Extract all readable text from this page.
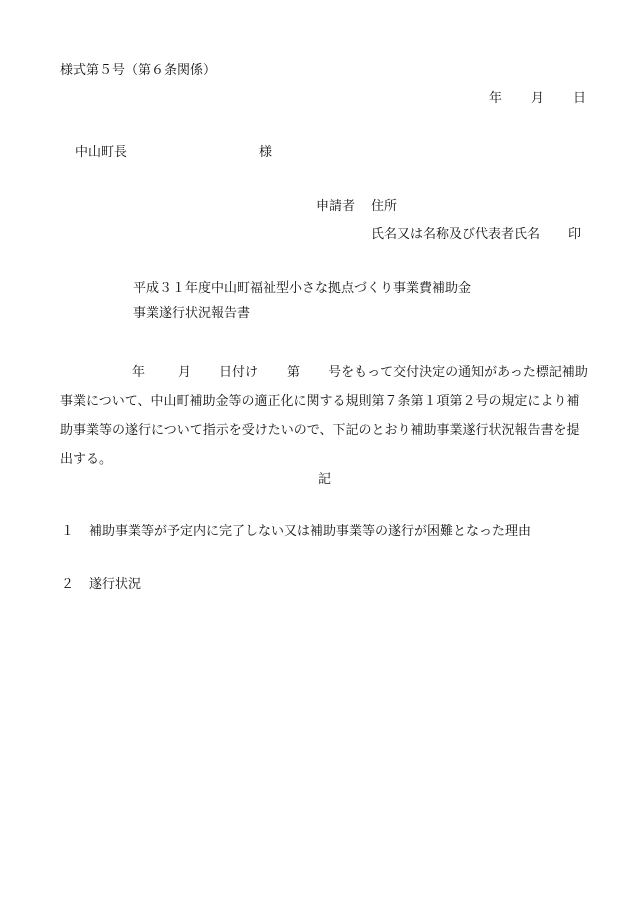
様式第５号（第６条関係）
年 月 日
中山町長	様
申請者 住所
氏名又は名称及び代表者氏名 印
平成３１年度中山町福祉型小さな拠点づくり事業費補助金
事業遂行状況報告書

年	月 日付け 第 号をもって交付決定の通知があった標記補助事業について、中山町補助金等の適正化に関する規則第７条第１項第２号の規定により補助事業等の遂行について指示を受けたいので、下記のとおり補助事業遂行状況報告書を提出する。

記
１ 補助事業等が予定内に完了しない又は補助事業等の遂行が困難となった理由
２ 遂行状況
